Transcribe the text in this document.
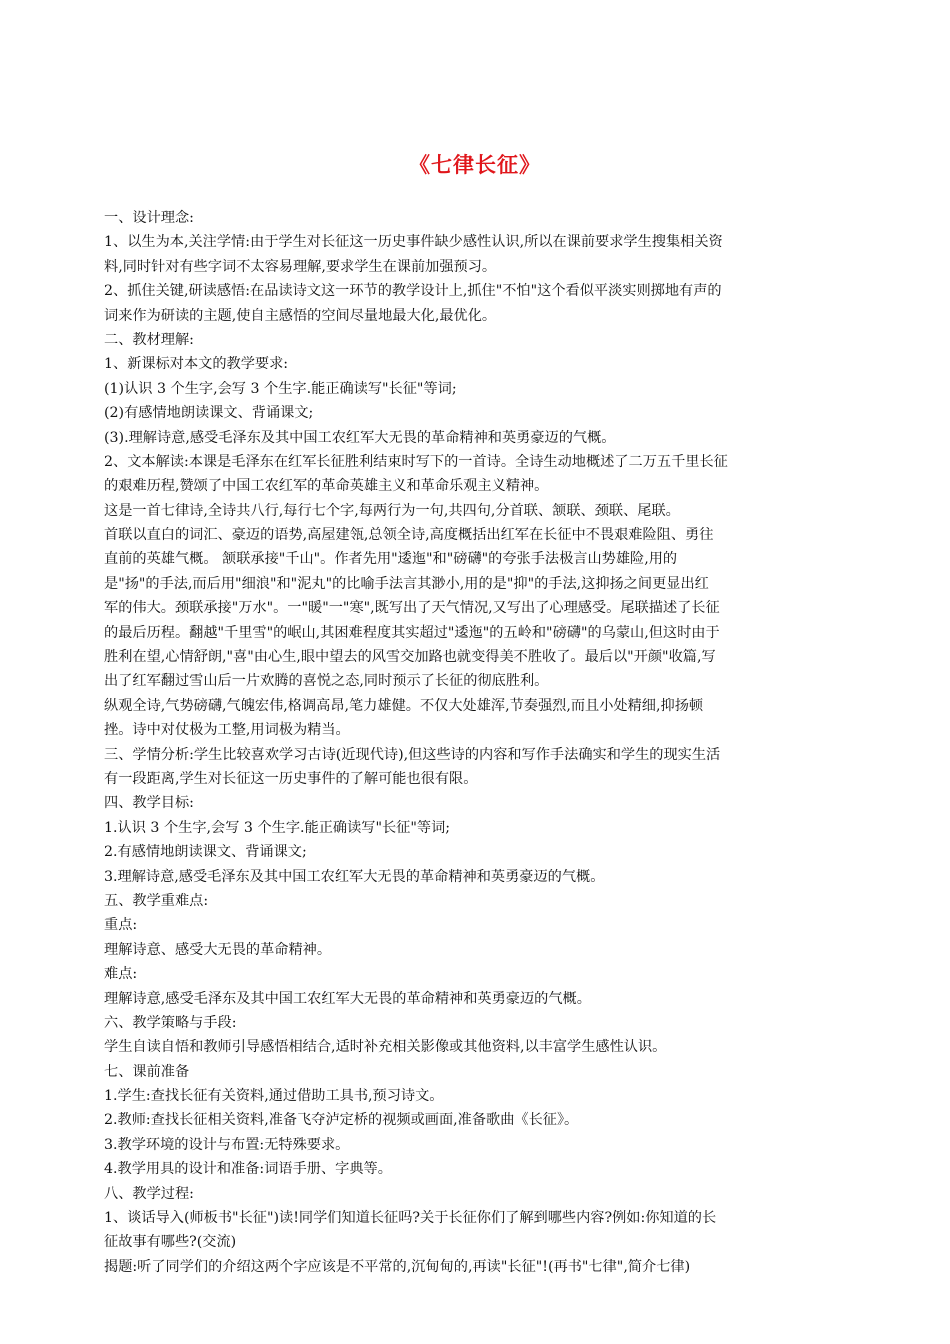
《七律长征》
一、设计理念:
1、以生为本,关注学情:由于学生对长征这一历史事件缺少感性认识,所以在课前要求学生搜集相关资
料,同时针对有些字词不太容易理解,要求学生在课前加强预习。
2、抓住关键,研读感悟:在品读诗文这一环节的教学设计上,抓住"不怕"这个看似平淡实则掷地有声的
词来作为研读的主题,使自主感悟的空间尽量地最大化,最优化。
二、教材理解:
1、新课标对本文的教学要求:
(1)认识 3 个生字,会写 3 个生字.能正确读写"长征"等词;
(2)有感情地朗读课文、背诵课文;
(3).理解诗意,感受毛泽东及其中国工农红军大无畏的革命精神和英勇豪迈的气概。
2、文本解读:本课是毛泽东在红军长征胜利结束时写下的一首诗。全诗生动地概述了二万五千里长征
的艰难历程,赞颂了中国工农红军的革命英雄主义和革命乐观主义精神。
这是一首七律诗,全诗共八行,每行七个字,每两行为一句,共四句,分首联、颔联、颈联、尾联。
首联以直白的词汇、豪迈的语势,高屋建瓴,总领全诗,高度概括出红军在长征中不畏艰难险阻、勇往
直前的英雄气概。 颔联承接"千山"。作者先用"逶迤"和"磅礴"的夸张手法极言山势雄险,用的
是"扬"的手法,而后用"细浪"和"泥丸"的比喻手法言其渺小,用的是"抑"的手法,这抑扬之间更显出红
军的伟大。颈联承接"万水"。一"暖"一"寒",既写出了天气情况,又写出了心理感受。尾联描述了长征
的最后历程。翻越"千里雪"的岷山,其困难程度其实超过"逶迤"的五岭和"磅礴"的乌蒙山,但这时由于
胜利在望,心情舒朗,"喜"由心生,眼中望去的风雪交加路也就变得美不胜收了。最后以"开颜"收篇,写
出了红军翻过雪山后一片欢腾的喜悦之态,同时预示了长征的彻底胜利。
纵观全诗,气势磅礴,气魄宏伟,格调高昂,笔力雄健。不仅大处雄浑,节奏强烈,而且小处精细,抑扬顿
挫。诗中对仗极为工整,用词极为精当。
三、学情分析:学生比较喜欢学习古诗(近现代诗),但这些诗的内容和写作手法确实和学生的现实生活
有一段距离,学生对长征这一历史事件的了解可能也很有限。
四、教学目标:
1.认识 3 个生字,会写 3 个生字.能正确读写"长征"等词;
2.有感情地朗读课文、背诵课文;
3.理解诗意,感受毛泽东及其中国工农红军大无畏的革命精神和英勇豪迈的气概。
五、教学重难点:
重点:
理解诗意、感受大无畏的革命精神。
难点:
理解诗意,感受毛泽东及其中国工农红军大无畏的革命精神和英勇豪迈的气概。
六、教学策略与手段:
学生自读自悟和教师引导感悟相结合,适时补充相关影像或其他资料,以丰富学生感性认识。
七、课前准备
1.学生:查找长征有关资料,通过借助工具书,预习诗文。
2.教师:查找长征相关资料,准备飞夺泸定桥的视频或画面,准备歌曲《长征》。
3.教学环境的设计与布置:无特殊要求。
4.教学用具的设计和准备:词语手册、字典等。
八、教学过程:
1、谈话导入(师板书"长征")读!同学们知道长征吗?关于长征你们了解到哪些内容?例如:你知道的长
征故事有哪些?(交流)
揭题:听了同学们的介绍这两个字应该是不平常的,沉甸甸的,再读"长征"!(再书"七律",简介七律)
